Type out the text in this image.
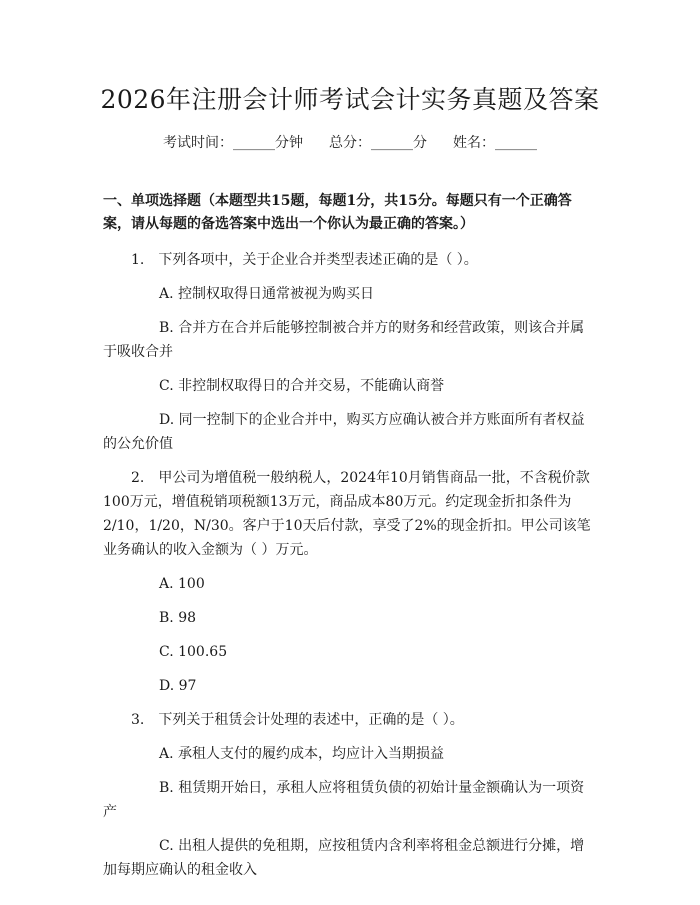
2026年注册会计师考试会计实务真题及答案
考试时间：______分钟 总分：______分 姓名：______
一、单项选择题（本题型共15题，每题1分，共15分。每题只有一个正确答案，请从每题的备选答案中选出一个你认为最正确的答案。）
1.　下列各项中，关于企业合并类型表述正确的是（ ）。
A. 控制权取得日通常被视为购买日
B. 合并方在合并后能够控制被合并方的财务和经营政策，则该合并属于吸收合并
C. 非控制权取得日的合并交易，不能确认商誉
D. 同一控制下的企业合并中，购买方应确认被合并方账面所有者权益的公允价值
2.　甲公司为增值税一般纳税人，2024年10月销售商品一批，不含税价款100万元，增值税销项税额13万元，商品成本80万元。约定现金折扣条件为2/10，1/20，N/30。客户于10天后付款，享受了2%的现金折扣。甲公司该笔业务确认的收入金额为（ ）万元。
A. 100
B. 98
C. 100.65
D. 97
3.　下列关于租赁会计处理的表述中，正确的是（ ）。
A. 承租人支付的履约成本，均应计入当期损益
B. 租赁期开始日，承租人应将租赁负债的初始计量金额确认为一项资产
C. 出租人提供的免租期，应按租赁内含利率将租金总额进行分摊，增加每期应确认的租金收入
